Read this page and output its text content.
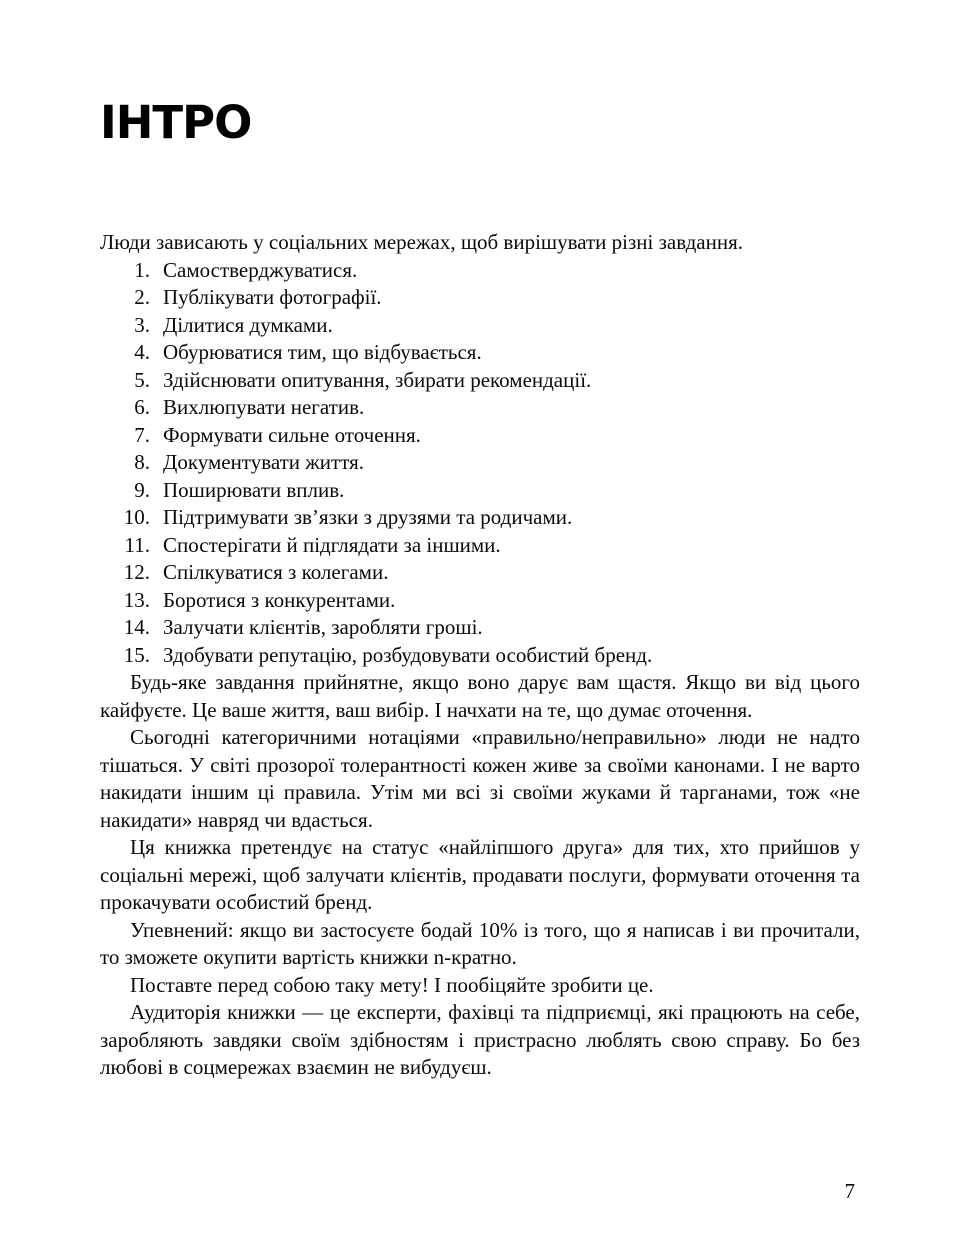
ІНТРО

Люди зависають у соціальних мережах, щоб вирішувати різні завдання.

1. Самостверджуватися.
2. Публікувати фотографії.
3. Ділитися думками.
4. Обурюватися тим, що відбувається.
5. Здійснювати опитування, збирати рекомендації.
6. Вихлюпувати негатив.
7. Формувати сильне оточення.
8. Документувати життя.
9. Поширювати вплив.
10. Підтримувати зв’язки з друзями та родичами.
11. Спостерігати й підглядати за іншими.
12. Спілкуватися з колегами.
13. Боротися з конкурентами.
14. Залучати клієнтів, заробляти гроші.
15. Здобувати репутацію, розбудовувати особистий бренд.

Будь-яке завдання прийнятне, якщо воно дарує вам щастя. Якщо ви від цього кайфуєте. Це ваше життя, ваш вибір. І начхати на те, що думає оточення.

Сьогодні категоричними нотаціями «правильно/неправильно» люди не надто тішаться. У світі прозорої толерантності кожен живе за своїми канонами. І не варто накидати іншим ці правила. Утім ми всі зі своїми жуками й тарганами, тож «не накидати» навряд чи вдасться.

Ця книжка претендує на статус «найліпшого друга» для тих, хто прийшов у соціальні мережі, щоб залучати клієнтів, продавати послуги, формувати оточення та прокачувати особистий бренд.

Упевнений: якщо ви застосуєте бодай 10% із того, що я написав і ви прочитали, то зможете окупити вартість книжки n-кратно.

Поставте перед собою таку мету! І пообіцяйте зробити це.

Аудиторія книжки — це експерти, фахівці та підприємці, які працюють на себе, заробляють завдяки своїм здібностям і пристрасно люблять свою справу. Бо без любові в соцмережах взаємин не вибудуєш.

7
